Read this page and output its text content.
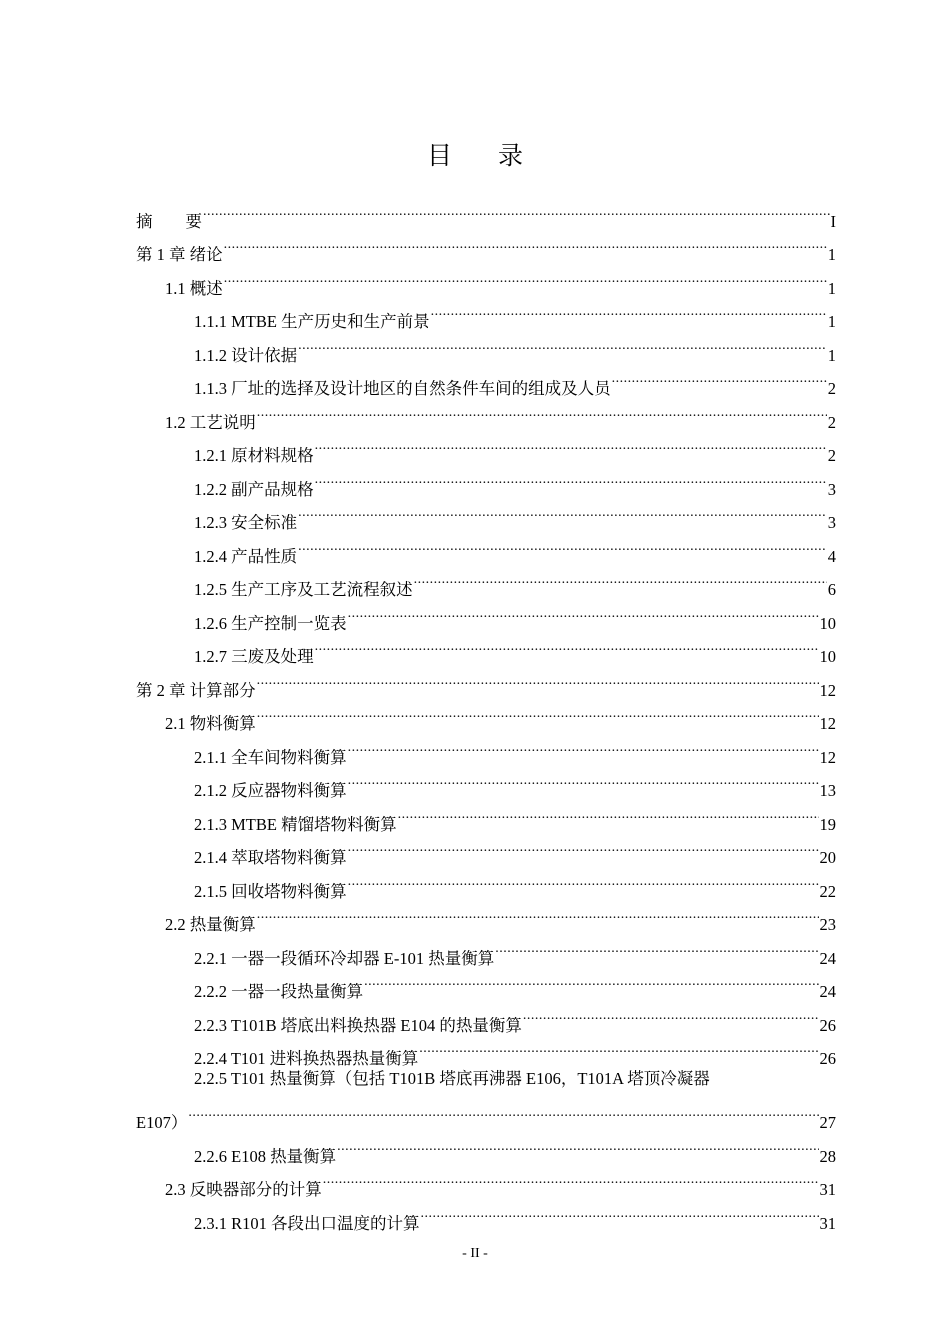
目 录
摘　　要 .....	I
第 1 章 绪论 .....	1
1.1 概述 .....	1
1.1.1 MTBE 生产历史和生产前景 .....	1
1.1.2 设计依据 .....	1
1.1.3 厂址的选择及设计地区的自然条件车间的组成及人员 .....	2
1.2 工艺说明 .....	2
1.2.1 原材料规格 .....	2
1.2.2 副产品规格 .....	3
1.2.3 安全标准 .....	3
1.2.4 产品性质 .....	4
1.2.5 生产工序及工艺流程叙述 .....	6
1.2.6 生产控制一览表 .....	10
1.2.7 三废及处理 .....	10
第 2 章 计算部分 .....	12
2.1 物料衡算 .....	12
2.1.1 全车间物料衡算 .....	12
2.1.2 反应器物料衡算 .....	13
2.1.3 MTBE 精馏塔物料衡算 .....	19
2.1.4 萃取塔物料衡算 .....	20
2.1.5 回收塔物料衡算 .....	22
2.2 热量衡算 .....	23
2.2.1 一器一段循环冷却器 E-101 热量衡算 .....	24
2.2.2 一器一段热量衡算 .....	24
2.2.3 T101B 塔底出料换热器 E104 的热量衡算 .....	26
2.2.4 T101 进料换热器热量衡算 .....	26
2.2.5 T101 热量衡算（包括 T101B 塔底再沸器 E106，T101A 塔顶冷凝器
E107） .....	27
2.2.6 E108 热量衡算 .....	28
2.3 反映器部分的计算 .....	31
2.3.1 R101 各段出口温度的计算 .....	31
- II -
